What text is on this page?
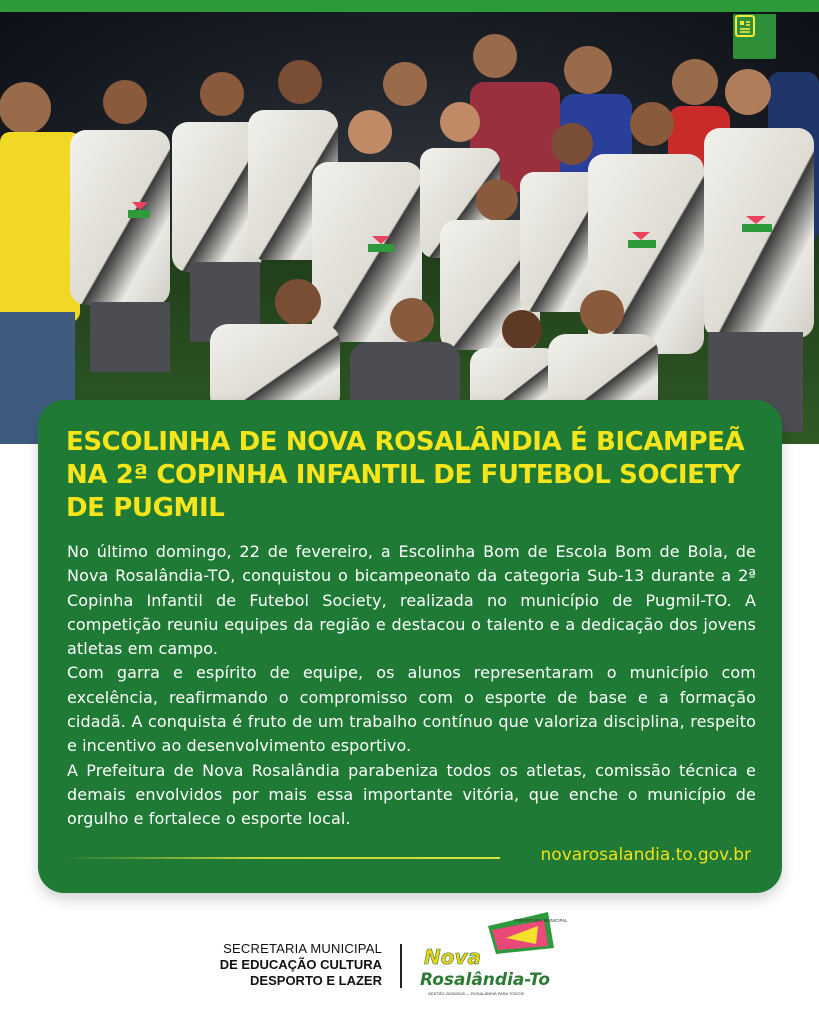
ESCOLINHA DE NOVA ROSALÂNDIA É BICAMPEÃ NA 2ª COPINHA INFANTIL DE FUTEBOL SOCIETY DE PUGMIL

No último domingo, 22 de fevereiro, a Escolinha Bom de Escola Bom de Bola, de Nova Rosalândia-TO, conquistou o bicampeonato da categoria Sub-13 durante a 2ª Copinha Infantil de Futebol Society, realizada no município de Pugmil-TO. A competição reuniu equipes da região e destacou o talento e a dedicação dos jovens atletas em campo.

Com garra e espírito de equipe, os alunos representaram o município com excelência, reafirmando o compromisso com o esporte de base e a formação cidadã. A conquista é fruto de um trabalho contínuo que valoriza disciplina, respeito e incentivo ao desenvolvimento esportivo.

A Prefeitura de Nova Rosalândia parabeniza todos os atletas, comissão técnica e demais envolvidos por mais essa importante vitória, que enche o município de orgulho e fortalece o esporte local.

novarosalandia.to.gov.br
SECRETARIA MUNICIPAL
DE EDUCAÇÃO CULTURA
DESPORTO E LAZER
PREFEITURA MUNICIPAL
Nova
Rosalândia-To
GESTÃO 2025/2028 — ROSALÂNDIA PARA TODOS!
